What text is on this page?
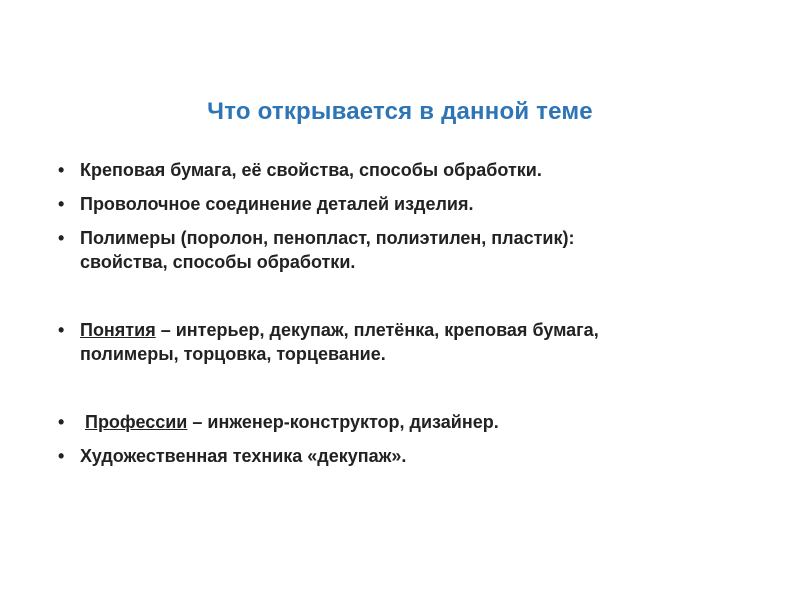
Что открывается в данной теме
• Креповая бумага, её свойства, способы обработки.
• Проволочное соединение деталей изделия.
• Полимеры (поролон, пенопласт, полиэтилен, пластик):
свойства, способы обработки.
• Понятия – интерьер, декупаж, плетёнка, креповая бумага,
полимеры, торцовка, торцевание.
• Профессии – инженер-конструктор, дизайнер.
• Художественная техника «декупаж».
